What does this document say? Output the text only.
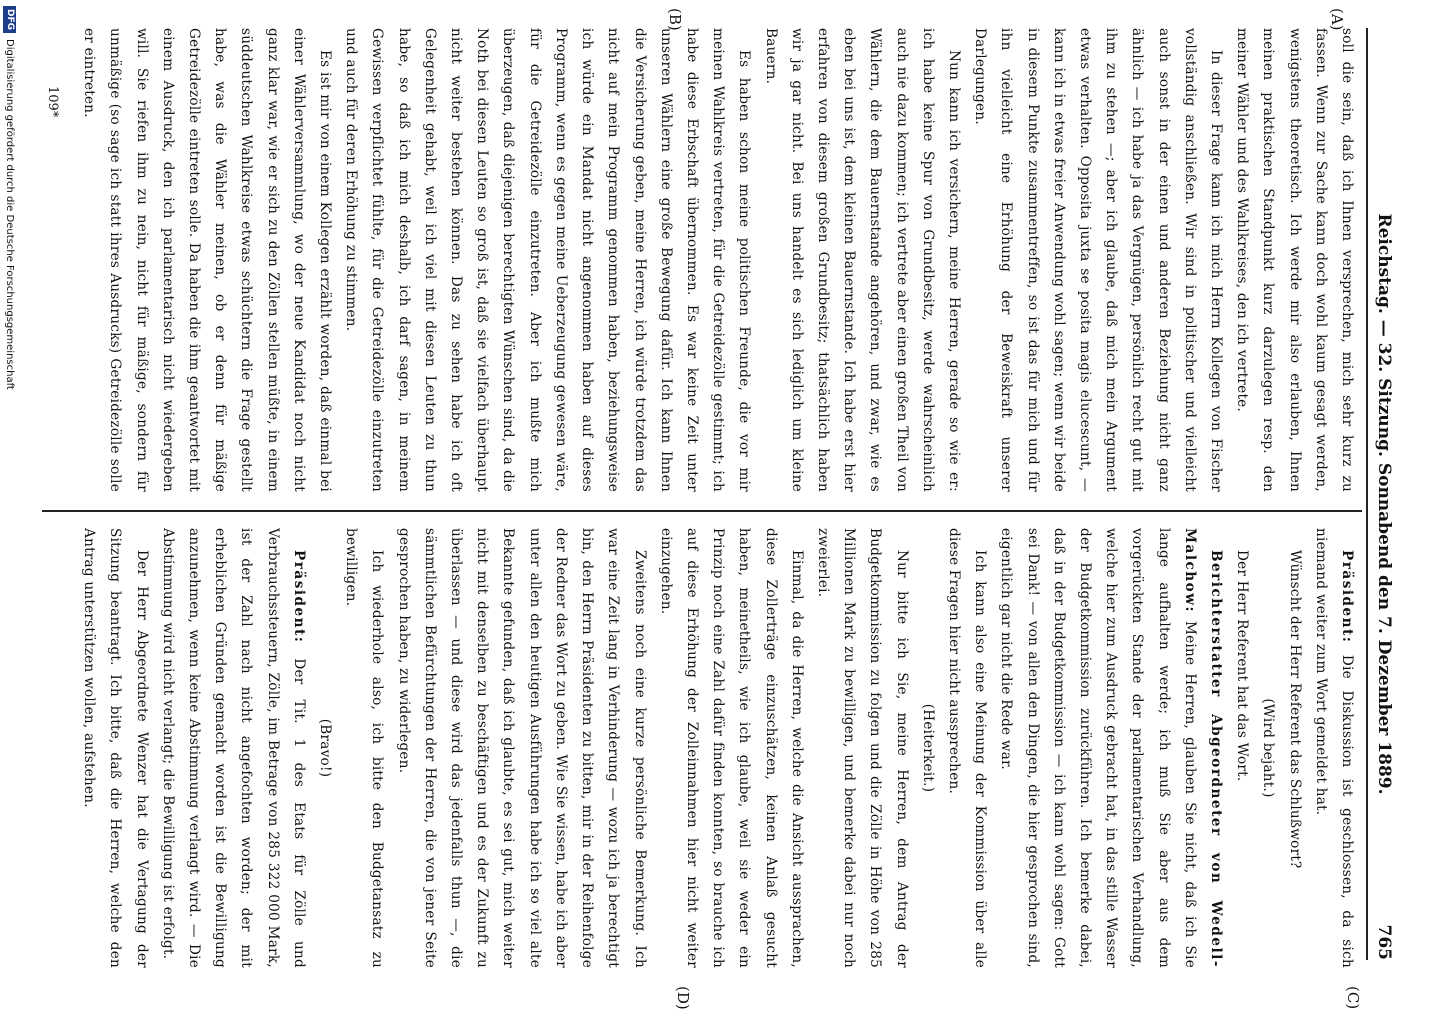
Reichstag. — 32. Sitzung. Sonnabend den 7. Dezember 1889.
765
(A)
(B)
(C)
(D)

soll die sein, daß ich Ihnen versprechen, mich sehr kurz zu fassen. Wenn zur Sache kann doch wohl kaum gesagt werden, wenigstens theoretisch. Ich werde mir also erlauben, Ihnen meinen praktischen Standpunkt kurz darzulegen resp. den meiner Wähler und des Wahlkreises, den ich vertrete.

In dieser Frage kann ich mich Herrn Kollegen von Fischer vollständig anschließen. Wir sind in politischer und vielleicht auch sonst in der einen und anderen Beziehung nicht ganz ähnlich — ich habe ja das Vergnügen, persönlich recht gut mit ihm zu stehen —; aber ich glaube, daß mich mein Argument etwas verhalten. Opposita juxta se posita magis elucescunt, — kann ich in etwas freier Anwendung wohl sagen; wenn wir beide in diesem Punkte zusammentreffen, so ist das für mich und für ihn vielleicht eine Erhöhung der Beweiskraft unserer Darlegungen.

Nun kann ich versichern, meine Herren, gerade so wie er: ich habe keine Spur von Grundbesitz, werde wahrscheinlich auch nie dazu kommen; ich vertrete aber einen großen Theil von Wählern, die dem Bauernstande angehören, und zwar, wie es eben bei uns ist, dem kleinen Bauernstande. Ich habe erst hier erfahren von diesem großen Grundbesitz; thatsächlich haben wir ja gar nicht. Bei uns handelt es sich lediglich um kleine Bauern.

Es haben schon meine politischen Freunde, die vor mir meinen Wahlkreis vertreten, für die Getreidezölle gestimmt; ich habe diese Erbschaft übernommen. Es war keine Zeit unter unseren Wählern eine große Bewegung dafür. Ich kann Ihnen die Versicherung geben, meine Herren, ich würde trotzdem das nicht auf mein Programm genommen haben, beziehungsweise ich würde ein Mandat nicht angenommen haben auf dieses Programm, wenn es gegen meine Ueberzeugung gewesen wäre, für die Getreidezölle einzutreten. Aber ich mußte mich überzeugen, daß diejenigen berechtigten Wünschen sind, da die Noth bei diesen Leuten so groß ist, daß sie vielfach überhaupt nicht weiter bestehen können. Das zu sehen habe ich oft Gelegenheit gehabt, weil ich viel mit diesen Leuten zu thun habe, so daß ich mich deshalb, ich darf sagen, in meinem Gewissen verpflichtet fühlte, für die Getreidezölle einzutreten und auch für deren Erhöhung zu stimmen.

Es ist mir von einem Kollegen erzählt worden, daß einmal bei einer Wählerversammlung, wo der neue Kandidat noch nicht ganz klar war, wie er sich zu den Zöllen stellen müßte, in einem süddeutschen Wahlkreise etwas schüchtern die Frage gestellt habe, was die Wähler meinen, ob er denn für mäßige Getreidezölle eintreten solle. Da haben die ihm geantwortet mit einem Ausdruck, den ich parlamentarisch nicht wiedergeben will. Sie riefen ihm zu nein, nicht für mäßige, sondern für unmäßige (so sage ich statt ihres Ausdrucks) Getreidezölle solle er eintreten.

Präsident: Die Diskussion ist geschlossen, da sich niemand weiter zum Wort gemeldet hat.

Wünscht der Herr Referent das Schlußwort?

(Wird bejaht.)

Der Herr Referent hat das Wort.

Berichterstatter Abgeordneter von Wedell-Malchow: Meine Herren, glauben Sie nicht, daß ich Sie lange aufhalten werde; ich muß Sie aber aus dem vorgerückten Stande der parlamentarischen Verhandlung, welche hier zum Ausdruck gebracht hat, in das stille Wasser der Budgetkommission zurückführen. Ich bemerke dabei, daß in der Budgetkommission — ich kann wohl sagen: Gott sei Dank! — von allen den Dingen, die hier gesprochen sind, eigentlich gar nicht die Rede war.

Ich kann also eine Meinung der Kommission über alle diese Fragen hier nicht aussprechen.

(Heiterkeit.)

Nur bitte ich Sie, meine Herren, dem Antrag der Budgetkommission zu folgen und die Zölle in Höhe von 285 Millionen Mark zu bewilligen, und bemerke dabei nur noch zweierlei.

Einmal, da die Herren, welche die Ansicht aussprachen, diese Zollerträge einzuschätzen, keinen Anlaß gesucht haben, meinetheils, wie ich glaube, weil sie weder ein Prinzip noch eine Zahl dafür finden konnten, so brauche ich auf diese Erhöhung der Zolleinnahmen hier nicht weiter einzugehen.

Zweitens noch eine kurze persönliche Bemerkung. Ich war eine Zeit lang in Verhinderung — wozu ich ja berechtigt bin, den Herrn Präsidenten zu bitten, mir in der Reihenfolge der Redner das Wort zu geben. Wie Sie wissen, habe ich aber unter allen den heutigen Ausführungen habe ich so viel alte Bekannte gefunden, daß ich glaubte, es sei gut, mich weiter nicht mit denselben zu beschäftigen und es der Zukunft zu überlassen — und diese wird das jedenfalls thun —, die sämmtlichen Befürchtungen der Herren, die von jener Seite gesprochen haben, zu widerlegen.

Ich wiederhole also, ich bitte den Budgetansatz zu bewilligen.

(Bravo!)

Präsident: Der Tit. 1 des Etats für Zölle und Verbrauchssteuern, Zölle, im Betrage von 285 322 000 Mark, ist der Zahl nach nicht angefochten worden; der mit erheblichen Gründen gemacht worden ist die Bewilligung anzunehmen, wenn keine Abstimmung verlangt wird. — Die Abstimmung wird nicht verlangt; die Bewilligung ist erfolgt.

Der Herr Abgeordnete Wenzer hat die Vertagung der Sitzung beantragt. Ich bitte, daß die Herren, welche den Antrag unterstützen wollen, aufstehen.

109*
DFG
Digitalisierung gefördert durch die Deutsche Forschungsgemeinschaft
